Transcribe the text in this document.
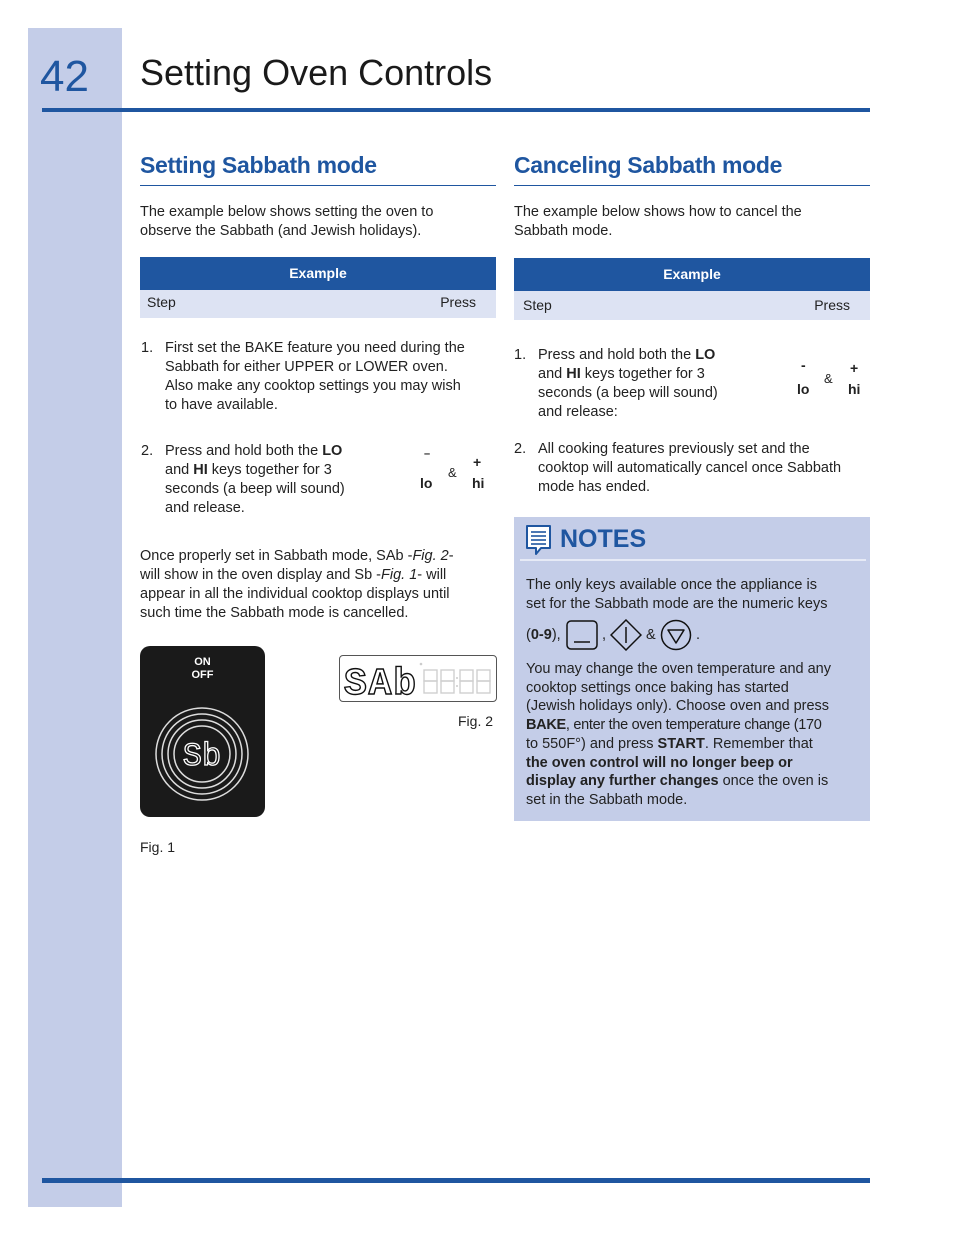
42 Setting Oven Controls
Setting Sabbath mode
The example below shows setting the oven to observe the Sabbath (and Jewish holidays).
Example
Step	Press
1. First set the BAKE feature you need during the
Sabbath for either UPPER or LOWER oven.
Also make any cooktop settings you may wish
to have available.
2. Press and hold both the LO
and HI keys together for 3
seconds (a beep will sound)
and release.
–
lo
&
+
hi
Once properly set in Sabbath mode, SAb -Fig. 2-
will show in the oven display and Sb -Fig. 1- will
appear in all the individual cooktop displays until
such time the Sabbath mode is cancelled.
ON
OFF
Sb
Fig. 1
SAb
Fig. 2
Canceling Sabbath mode
The example below shows how to cancel the Sabbath mode.
Example
Step	Press
1. Press and hold both the LO
and HI keys together for 3
seconds (a beep will sound)
and release:
-
lo
&
+
hi
2. All cooking features previously set and the
cooktop will automatically cancel once Sabbath
mode has ended.
NOTES
The only keys available once the appliance is
set for the Sabbath mode are the numeric keys
(0-9),	,	&	.
You may change the oven temperature and any
cooktop settings once baking has started
(Jewish holidays only). Choose oven and press
BAKE, enter the oven temperature change (170
to 550F°) and press START. Remember that
the oven control will no longer beep or
display any further changes once the oven is
set in the Sabbath mode.
